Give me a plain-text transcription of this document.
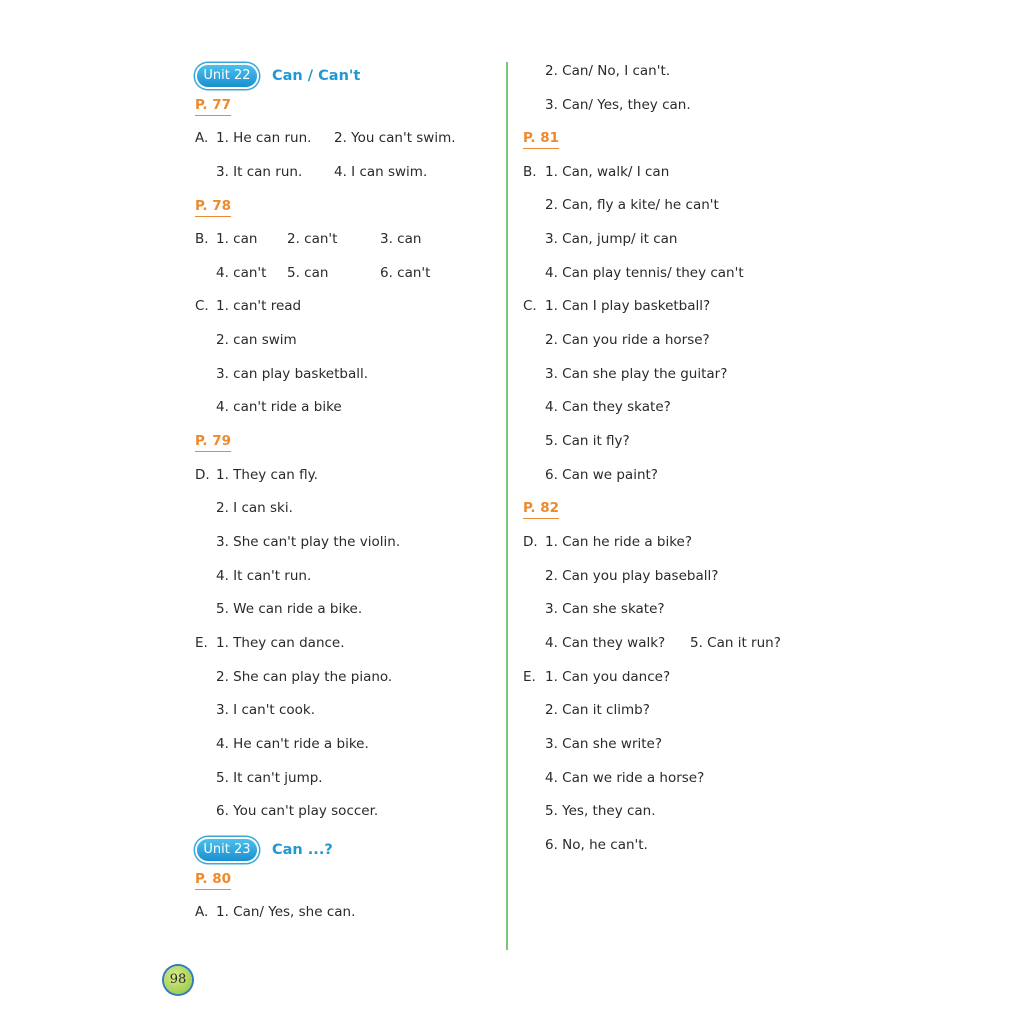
Unit 22	Can / Can't
P. 77
A. 1. He can run. 2. You can't swim.
3. It can run. 4. I can swim.
P. 78
B. 1. can 2. can't	3. can
4. can't 5. can	6. can't
C. 1. can't read
2. can swim
3. can play basketball.
4. can't ride a bike
P. 79
D. 1. They can fly.
2. I can ski.
3. She can't play the violin.
4. It can't run.
5. We can ride a bike.
E. 1. They can dance.
2. She can play the piano.
3. I can't cook.
4. He can't ride a bike.
5. It can't jump.
6. You can't play soccer.
Unit 23	Can ...?
P. 80
A. 1. Can/ Yes, she can.
2. Can/ No, I can't.
3. Can/ Yes, they can.
P. 81
B. 1. Can, walk/ I can
2. Can, fly a kite/ he can't
3. Can, jump/ it can
4. Can play tennis/ they can't
C. 1. Can I play basketball?
2. Can you ride a horse?
3. Can she play the guitar?
4. Can they skate?
5. Can it fly?
6. Can we paint?
P. 82
D. 1. Can he ride a bike?
2. Can you play baseball?
3. Can she skate?
4. Can they walk? 5. Can it run?
E. 1. Can you dance?
2. Can it climb?
3. Can she write?
4. Can we ride a horse?
5. Yes, they can.
6. No, he can't.
98
